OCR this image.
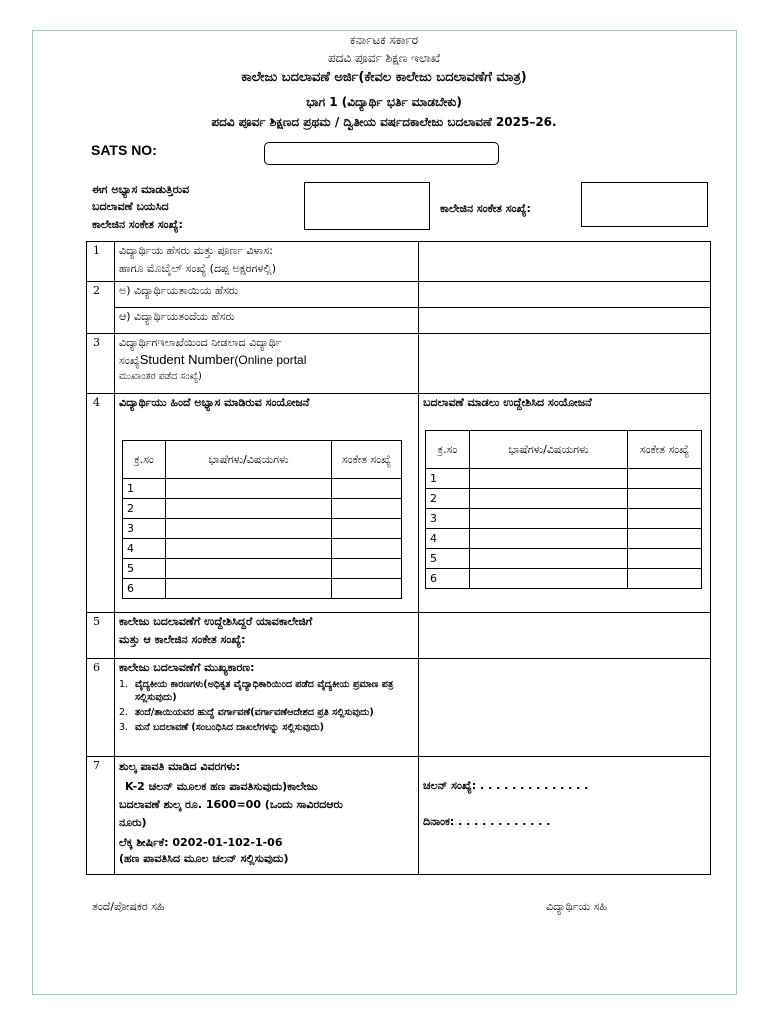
ಕರ್ನಾಟಕ ಸರ್ಕಾರ
ಪದವಿ ಪೂರ್ವ ಶಿಕ್ಷಣ ಇಲಾಖೆ
ಕಾಲೇಜು ಬದಲಾವಣೆ ಅರ್ಜಿ(ಕೇವಲ ಕಾಲೇಜು ಬದಲಾವಣೆಗೆ ಮಾತ್ರ)
ಭಾಗ 1 (ವಿದ್ಯಾರ್ಥಿ ಭರ್ತಿ ಮಾಡಬೇಕು)
ಪದವಿ ಪೂರ್ವ ಶಿಕ್ಷಣದ ಪ್ರಥಮ / ದ್ವಿತೀಯ ವರ್ಷದಕಾಲೇಜು ಬದಲಾವಣೆ 2025–26.
SATS NO:
ಈಗ ಅಭ್ಯಾಸ ಮಾಡುತ್ತಿರುವ
ಬದಲಾವಣೆ ಬಯಸಿದ
ಕಾಲೇಜಿನ ಸಂಕೇತ ಸಂಖ್ಯೆ:
ಕಾಲೇಜಿನ ಸಂಕೇತ ಸಂಖ್ಯೆ:
1	ವಿದ್ಯಾರ್ಥಿಯ ಹೆಸರು ಮತ್ತು ಪೂರ್ಣ ವಿಳಾಸ:
ಹಾಗೂ ಮೊಬೈಲ್ ಸಂಖ್ಯೆ (ದಪ್ಪ ಅಕ್ಷರಗಳಲ್ಲಿ)

2	ಅ) ವಿದ್ಯಾರ್ಥಿಯತಾಯಿಯ ಹೆಸರು	
ಆ) ವಿದ್ಯಾರ್ಥಿಯತಂದೆಯ ಹೆಸರು	
3	ವಿದ್ಯಾರ್ಥಿಗಇಲಾಖೆಯಿಂದ ನೀಡಲಾದ ವಿದ್ಯಾರ್ಥಿ
ಸಂಖ್ಯೆStudent Number(Online portal
ಮುಖಾಂತರ ಪಡೆದ ಸಂಖ್ಯೆ)

4	ವಿದ್ಯಾರ್ಥಿಯು ಹಿಂದೆ ಅಭ್ಯಾಸ ಮಾಡಿರುವ ಸಂಯೋಜನೆ
ಕ್ರ.ಸಂ	ಭಾಷೆಗಳು/ವಿಷಯಗಳು	ಸಂಕೇತ ಸಂಖ್ಯೆ
1		
2		
3		
4		
5		
6		

ಬದಲಾವಣೆ ಮಾಡಲು ಉದ್ದೇಶಿಸಿದ ಸಂಯೋಜನೆ
ಕ್ರ.ಸಂ	ಭಾಷೆಗಳು/ವಿಷಯಗಳು	ಸಂಕೇತ ಸಂಖ್ಯೆ
1		
2		
3		
4		
5		
6		

5	ಕಾಲೇಜು ಬದಲಾವಣೆಗೆ ಉದ್ದೇಶಿಸಿದ್ದರೆ ಯಾವಕಾಲೇಜಿಗೆ
ಮತ್ತು ಆ ಕಾಲೇಜಿನ ಸಂಕೇತ ಸಂಖ್ಯೆ:

6	ಕಾಲೇಜು ಬದಲಾವಣೆಗೆ ಮುಖ್ಯಕಾರಣ:
1. ವೈದ್ಯಕೀಯ ಕಾರಣಗಳು(ಅಧಿಕೃತ ವೈದ್ಯಾಧಿಕಾರಿಯಿಂದ ಪಡೆದ ವೈದ್ಯಕೀಯ ಪ್ರಮಾಣ ಪತ್ರ ಸಲ್ಲಿಸುವುದು)
2. ತಂದೆ/ತಾಯಿಯವರ ಹುದ್ದೆ ವರ್ಗಾವಣೆ(ವರ್ಗಾವಣೆಆದೇಶದ ಪ್ರತಿ ಸಲ್ಲಿಸುವುದು)
3. ಮನೆ ಬದಲಾವಣೆ (ಸಂಬಂಧಿಸಿದ ದಾಖಲೆಗಳನ್ನು ಸಲ್ಲಿಸುವುದು)

7	ಶುಲ್ಕ ಪಾವತಿ ಮಾಡಿದ ವಿವರಗಳು:
K-2 ಚಲನ್ ಮೂಲಕ ಹಣ ಪಾವತಿಸುವುದು)ಕಾಲೇಜು
ಬದಲಾವಣೆ ಶುಲ್ಕ ರೂ. 1600=00 (ಒಂದು ಸಾವಿರದಆರು
ನೂರು)
ಲೆಕ್ಕ ಶೀರ್ಷಿಕೆ: 0202-01-102-1-06
(ಹಣ ಪಾವತಿಸಿದ ಮೂಲ ಚಲನ್ ಸಲ್ಲಿಸುವುದು)

ಚಲನ್ ಸಂಖ್ಯೆ: . . . . . . . . . . . . . .
ದಿನಾಂಕ: . . . . . . . . . . . .
ತಂದೆ/ಪೋಷಕರ ಸಹಿ	ವಿದ್ಯಾರ್ಥಿಯ ಸಹಿ
